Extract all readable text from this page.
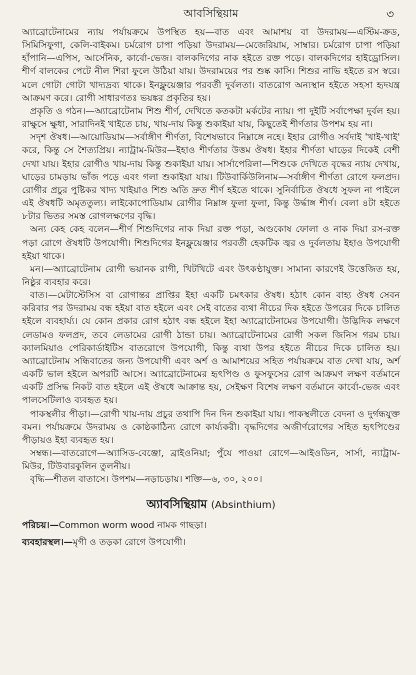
আবসিন্থিয়াম	৩

অ্যাব্রোটেনামের ন্যায় পর্যায়ক্রমে উপস্থিত হয়—বাত এবং আমাশয় বা উদরাময়—এস্টিম-ক্রড, সিমিসিফুগা, কেলি-বাইকম। চর্মরোগ চাপা পড়িয়া উদরাময়—মেজেরিয়াম, সাম্বার। চর্মরোগ চাপা পড়িয়া হাঁপানি—এপিস, আর্সেনিক, কার্বো-ভেজ। বালকদিগের নাক হইতে রক্ত পড়ে। বালকদিগের হাইড্রোসিল। শীর্ণ বালকের পেটে নীল শিরা ফুলে উঠিয়া যায়। উদরাময়ের পর শুষ্ক কাসি। শিশুর নাভি হইতে রস স্বরে। মলে গোটা গোটা খাদ্যদ্রব্য থাকে। ইনফ্লুয়েঞ্জার পরবর্তী দুর্বলতা। বাতরোগ অন্যস্থান হইতে সহসা হৃদযন্ত্র আক্রমণ করে। রোগী সাধারণতঃ ভয়ঙ্কর প্রকৃতির হয়।

প্রকৃতি ও গঠন।—অ্যাব্রোটেনাম শিশু শীর্ণ, দেখিতে কতকটা মর্কটের ন্যায়। পা দুইটি সর্বাপেক্ষা দুর্বল হয়। রাক্ষুসে ক্ষুধা, সারাদিনই খাইতে চায়, খায়-দায় কিন্তু শুকাইয়া যায়, কিছুতেই শীর্ণতার উপশম হয় না।

সদৃশ ঔষধ।—আয়োডিয়াম—সর্বাঙ্গীণ শীর্ণতা, বিশেষভাবে নিম্নাঙ্গে নহে। ইহার রোগীও সর্বদাই 'খাই-খাই' করে, কিন্তু সে শৈত্যপ্রিয়। ন্যাট্রাম-মিউর—ইহাও শীর্ণতার উত্তম ঔষধ। ইহার শীর্ণতা ঘাড়ের দিকেই বেশী দেখা যায়। ইহার রোগীও খায়-দায় কিন্তু শুকাইয়া যায়। সার্সাপেরিলা—শিশুকে দেখিতে বৃদ্ধের ন্যায় দেখায়, ঘাড়ের চামড়ায় ভাঁজ পড়ে এবং গলা শুকাইয়া যায়। টিউবার্কিউলিনাম—সর্বাঙ্গীণ শীর্ণতা রোগে ফলপ্রদ। রোগীর প্রচুর পুষ্টিকর খাদ্য খাইয়াও শিশু অতি দ্রুত শীর্ণ হইতে থাকে। সুনির্বাচিত ঔষধে সুফল না পাইলে এই ঔষধটি অমৃততুল্য। লাইকোপোডিয়াম রোগীর নিম্নাঙ্গ ফুলা ফুলা, কিন্তু উর্দ্ধাঙ্গ শীর্ণ। বেলা ৪টা হইতে ৮টার ভিতর সমস্ত রোগলক্ষণের বৃদ্ধি।

অন্য কেহ কেহ বলেন—শীর্ণ শিশুদিগের নাক দিয়া রক্ত পড়া, অণ্ডকোষ ফোলা ও নাক দিয়া রস-রক্ত পড়া রোগে ঔষধটি উপযোগী। শিশুদিগের ইনফ্লুয়েঞ্জার পরবর্তী হেকটিক জ্বর ও দুর্বলতায় ইহাও উপযোগী হইয়া থাকে।

মন।—অ্যাব্রোটেনাম রোগী ভয়ানক রাগী, খিটখিটে এবং উৎকণ্ঠাযুক্ত। সামান্য কারণেই উত্তেজিত হয়, নিষ্ঠুর ব্যবহার করে।

বাত।—মেটাস্টেসিস বা রোগান্তর প্রাপ্তির ইহা একটি চমৎকার ঔষধ। হঠাৎ কোন বাহ্য ঔষধ সেবন করিবার পর উদরাময় বন্ধ হইয়া বাত হইলে এবং সেই বাতের ব্যথা নীচের দিক হইতে উপরের দিকে চালিত হইলে ব্যবহার্য্য। যে কোন প্রকার রোগ হঠাৎ বন্ধ হইলে ইহা অ্যাব্রোটেনামের উপযোগী। উদ্ভিদিক লক্ষণে লেডামও ফলপ্রদ, তবে লেডামের রোগী ঠান্ডা চায়। অ্যাব্রোটেনামের রোগী সকল জিনিস গরম চায়। ক্যালমিয়াও পেরিকার্ডাইটিস বাতরোগে উপযোগী, কিন্তু ব্যথা উপর হইতে নীচের দিকে চালিত হয়। অ্যাব্রোটেনাম সন্ধিবাতের জন্য উপযোগী এবং অর্শ ও আমাশয়ের সহিত পর্যায়ক্রমে বাত দেখা যায়, অর্শ একটি ভাল হইলে অপরটি আসে। অ্যাব্রোটেনামের হৃৎপিণ্ড ও ফুসফুসের রোগ আক্রমণ লক্ষণ বর্তমানে একটি প্রসিদ্ধ নিকট বাত হইলে এই ঔষধে আক্রান্ত হয়, সেইক্ষণ বিশেষ লক্ষণ বর্তমানে কার্বো-ভেজ এবং পালসেটিলাও ব্যবহৃত হয়।

পাকস্থলীর পীড়া।—রোগী খায়-দায় প্রচুর তথাপি দিন দিন শুকাইয়া যায়। পাকস্থলীতে বেদনা ও দুর্গন্ধযুক্ত বমন। পর্যায়ক্রমে উদরাময় ও কোষ্ঠকাঠিন্য রোগে কার্য্যকরী। বৃদ্ধদিগের অজীর্ণরোগের সহিত হৃৎপিণ্ডের পীড়ায়ও ইহা ব্যবহৃত হয়।

সম্বন্ধ।—বাতরোগে—অ্যাসিড-বেঞ্জো, ব্রাইওনিয়া; পুঁযে পাওয়া রোগে—আইওডিন, সার্সা, ন্যাট্রাম-মিউর, টিউবারকুলিন তুলনীয়।

বৃদ্ধি—শীতল বাতাসে। উপশম—নড়াচড়ায়। শক্তি—৬, ৩০, ২০০।

অ্যাবসিন্থিয়াম (Absinthium)

পরিচয়।—Common worm wood নামক গাছড়া।

ব্যবহারস্থল।—মৃগী ও তড়কা রোগে উপযোগী।
